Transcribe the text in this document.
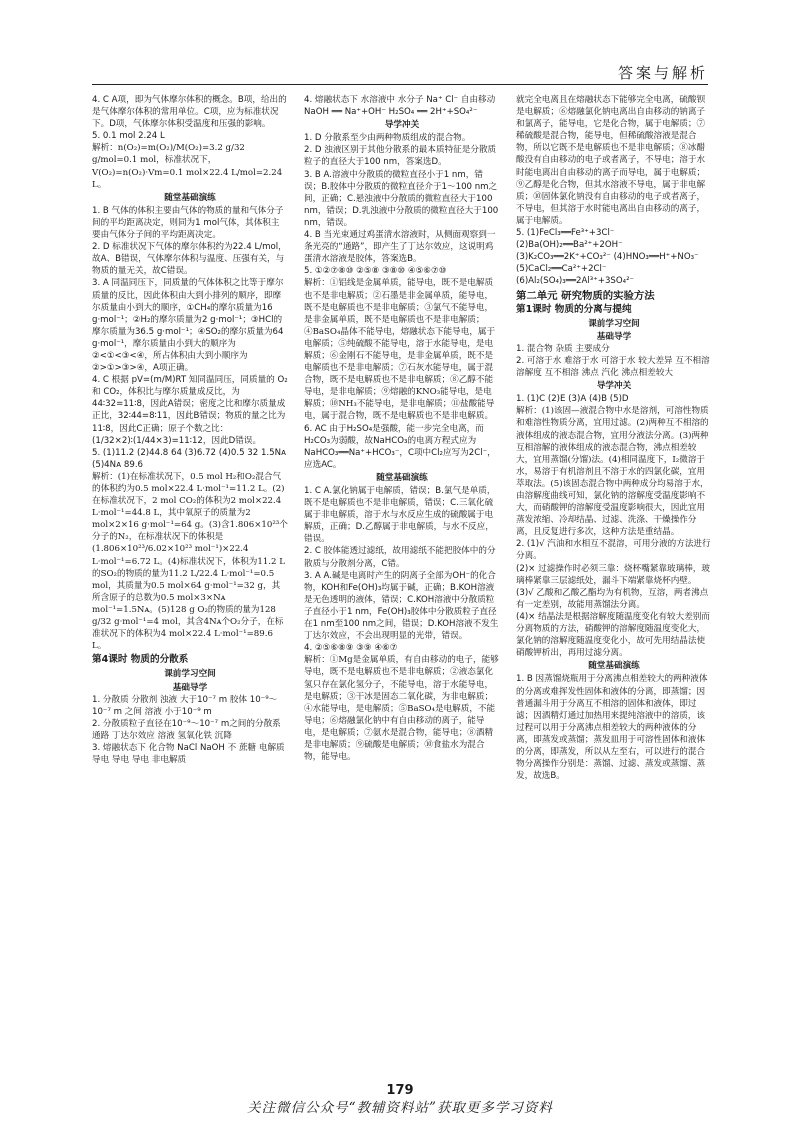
答案与解析

4. C A项，即为气体摩尔体积的概念。B项，给出的是气体摩尔体积的常用单位。C项，应为标准状况下。D项，气体摩尔体积受温度和压强的影响。

5. 0.1 mol 2.24 L

解析：n(O₂)=m(O₂)/M(O₂)=3.2 g/32 g/mol=0.1 mol，标准状况下，V(O₂)=n(O₂)·Vm=0.1 mol×22.4 L/mol=2.24 L。

随堂基础演练

1. B 气体的体积主要由气体的物质的量和气体分子间的平均距离决定，则同为1 mol气体，其体积主要由气体分子间的平均距离决定。

2. D 标准状况下气体的摩尔体积约为22.4 L/mol，故A、B错误，气体摩尔体积与温度、压强有关，与物质的量无关，故C错误。

3. A 同温同压下，同质量的气体体积之比等于摩尔质量的反比，因此体积由大到小排列的顺序，即摩尔质量由小到大的顺序，①CH₄的摩尔质量为16 g·mol⁻¹；②H₂的摩尔质量为2 g·mol⁻¹；③HCl的摩尔质量为36.5 g·mol⁻¹；④SO₂的摩尔质量为64 g·mol⁻¹，摩尔质量由小到大的顺序为②<①<③<④，所占体积由大到小顺序为②>①>③>④，A项正确。

4. C 根据 pV=(m/M)RT 知同温同压，同质量的 O₂ 和 CO₂，体积比与摩尔质量成反比，为44∶32=11∶8，因此A错误；密度之比和摩尔质量成正比，32∶44=8∶11，因此B错误；物质的量之比为11∶8，因此C正确；原子个数之比：(1/32×2)∶(1/44×3)=11∶12，因此D错误。

5. (1)11.2 (2)44.8 64 (3)6.72 (4)0.5 32 1.5Nᴀ (5)4Nᴀ 89.6

解析：(1)在标准状况下，0.5 mol H₂和O₂混合气的体积约为0.5 mol×22.4 L·mol⁻¹=11.2 L。(2)在标准状况下，2 mol CO₂的体积为2 mol×22.4 L·mol⁻¹=44.8 L，其中氧原子的质量为2 mol×2×16 g·mol⁻¹=64 g。(3)含1.806×10²³个分子的N₂，在标准状况下的体积是(1.806×10²³/6.02×10²³ mol⁻¹)×22.4 L·mol⁻¹=6.72 L。(4)标准状况下，体积为11.2 L的SO₂的物质的量为11.2 L/22.4 L·mol⁻¹=0.5 mol，其质量为0.5 mol×64 g·mol⁻¹=32 g，其所含原子的总数为0.5 mol×3×Nᴀ mol⁻¹=1.5Nᴀ。(5)128 g O₂的物质的量为128 g/32 g·mol⁻¹=4 mol，其含4Nᴀ个O₂分子，在标准状况下的体积为4 mol×22.4 L·mol⁻¹=89.6 L。

第4课时 物质的分散系

课前学习空间

基础导学

1. 分散质 分散剂 浊液 大于10⁻⁷ m 胶体 10⁻⁹～10⁻⁷ m 之间 溶液 小于10⁻⁹ m

2. 分散质粒子直径在10⁻⁹～10⁻⁷ m之间的分散系 通路 丁达尔效应 溶液 氢氧化铁 沉降

3. 熔融状态下 化合物 NaCl NaOH 不 蔗糖 电解质 导电 导电 导电 非电解质

4. 熔融状态下 水溶液中 水分子 Na⁺ Cl⁻ 自由移动 NaOH ══ Na⁺+OH⁻ H₂SO₄ ══ 2H⁺+SO₄²⁻

导学冲关

1. D 分散系至少由两种物质组成的混合物。

2. D 浊液区别于其他分散系的最本质特征是分散质粒子的直径大于100 nm，答案选D。

3. B A.溶液中分散质的微粒直径小于1 nm，错误；B.胶体中分散质的微粒直径介于1～100 nm之间，正确；C.悬浊液中分散质的微粒直径大于100 nm，错误；D.乳浊液中分散质的微粒直径大于100 nm，错误。

4. B 当光束通过鸡蛋清水溶液时，从侧面观察到一条光亮的“通路”，即产生了丁达尔效应，这说明鸡蛋清水溶液是胶体，答案选B。

5. ①②⑦⑧⑩ ②⑤⑧ ③⑧⑩ ④⑤⑥⑦⑩

解析：①铝线是金属单质，能导电，既不是电解质也不是非电解质；②石墨是非金属单质，能导电，既不是电解质也不是非电解质；③氯气不能导电，是非金属单质，既不是电解质也不是非电解质；④BaSO₄晶体不能导电，熔融状态下能导电，属于电解质；⑤纯硫酸不能导电，溶于水能导电，是电解质；⑥金刚石不能导电，是非金属单质，既不是电解质也不是非电解质；⑦石灰水能导电，属于混合物，既不是电解质也不是非电解质；⑧乙醇不能导电，是非电解质；⑨熔融的KNO₃能导电，是电解质；⑩NH₃不能导电，是非电解质；⑪盐酸能导电，属于混合物，既不是电解质也不是非电解质。

6. AC 由于H₂SO₄是强酸，能一步完全电离，而H₂CO₃为弱酸，故NaHCO₃的电离方程式应为NaHCO₃══Na⁺+HCO₃⁻，C项中Cl₂应写为2Cl⁻，应选AC。

随堂基础演练

1. C A.氯化钠属于电解质，错误；B.氯气是单质，既不是电解质也不是非电解质，错误；C.三氧化硫属于非电解质，溶于水与水反应生成的硫酸属于电解质，正确；D.乙醇属于非电解质，与水不反应，错误。

2. C 胶体能透过滤纸，故用滤纸不能把胶体中的分散质与分散剂分离，C错。

3. A A.碱是电离时产生的阴离子全部为OH⁻的化合物，KOH和Fe(OH)₃均属于碱，正确；B.KOH溶液是无色透明的液体，错误；C.KOH溶液中分散质粒子直径小于1 nm，Fe(OH)₃胶体中分散质粒子直径在1 nm至100 nm之间，错误；D.KOH溶液不发生丁达尔效应，不会出现明显的光带，错误。

4. ②⑤⑥⑧⑨ ③⑨ ④⑥⑦

解析：①Mg是金属单质，有自由移动的电子，能够导电，既不是电解质也不是非电解质；②液态氯化氢只存在氯化氢分子，不能导电，溶于水能导电，是电解质；③干冰是固态二氧化碳，为非电解质；④水能导电，是电解质；⑤BaSO₄是电解质，不能导电；⑥熔融氯化钠中有自由移动的离子，能导电，是电解质；⑦氨水是混合物，能导电；⑧酒精是非电解质；⑨硫酸是电解质；⑩食盐水为混合物，能导电。

就完全电离且在熔融状态下能够完全电离，硫酸钡是电解质；⑥熔融氯化钠电离出自由移动的钠离子和氯离子，能导电，它是化合物，属于电解质；⑦稀硫酸是混合物，能导电，但稀硫酸溶液是混合物，所以它既不是电解质也不是非电解质；⑧冰醋酸没有自由移动的电子或者离子，不导电；溶于水时能电离出自由移动的离子而导电，属于电解质；⑨乙醇是化合物，但其水溶液不导电，属于非电解质；⑩固体氯化钠没有自由移动的电子或者离子，不导电，但其溶于水时能电离出自由移动的离子，属于电解质。

5. (1)FeCl₃══Fe³⁺+3Cl⁻ (2)Ba(OH)₂══Ba²⁺+2OH⁻ (3)K₂CO₃══2K⁺+CO₃²⁻ (4)HNO₃══H⁺+NO₃⁻ (5)CaCl₂══Ca²⁺+2Cl⁻ (6)Al₂(SO₄)₃══2Al³⁺+3SO₄²⁻

第二单元 研究物质的实验方法

第1课时 物质的分离与提纯

课前学习空间

基础导学

1. 混合物 杂质 主要成分

2. 可溶于水 难溶于水 可溶于水 较大差异 互不相溶 溶解度 互不相溶 沸点 汽化 沸点相差较大

导学冲关

1. (1)C (2)E (3)A (4)B (5)D

解析：(1)该固—液混合物中水是溶剂，可溶性物质和难溶性物质分离，宜用过滤。(2)两种互不相溶的液体组成的液态混合物，宜用分液法分离。(3)两种互相溶解的液体组成的液态混合物，沸点相差较大，宜用蒸馏(分馏)法。(4)相同温度下，I₂微溶于水，易溶于有机溶剂且不溶于水的四氯化碳，宜用萃取法。(5)该固态混合物中两种成分均易溶于水，由溶解度曲线可知，氯化钠的溶解度受温度影响不大，而硝酸钾的溶解度受温度影响很大，因此宜用蒸发浓缩、冷却结晶、过滤、洗涤、干燥操作分离，且反复进行多次，这种方法是重结晶。

2. (1)√ 汽油和水相互不混溶，可用分液的方法进行分离。

(2)× 过滤操作时必须三靠：烧杯嘴紧靠玻璃棒，玻璃棒紧靠三层滤纸处，漏斗下端紧靠烧杯内壁。

(3)√ 乙酸和乙酸乙酯均为有机物，互溶，两者沸点有一定差别，故能用蒸馏法分离。

(4)× 结晶法是根据溶解度随温度变化有较大差别而分离物质的方法，硝酸钾的溶解度随温度变化大，氯化钠的溶解度随温度变化小，故可先用结晶法使硝酸钾析出，再用过滤分离。

随堂基础演练

1. B 因蒸馏烧瓶用于分离沸点相差较大的两种液体的分离或难挥发性固体和液体的分离，即蒸馏；因普通漏斗用于分离互不相溶的固体和液体，即过滤；因酒精灯通过加热用来提纯溶液中的溶质，该过程可以用于分离沸点相差较大的两种液体的分离，即蒸发或蒸馏；蒸发皿用于可溶性固体和液体的分离，即蒸发，所以从左至右，可以进行的混合物分离操作分别是：蒸馏、过滤、蒸发或蒸馏、蒸发，故选B。

179
关注微信公众号“教辅资料站”获取更多学习资料
